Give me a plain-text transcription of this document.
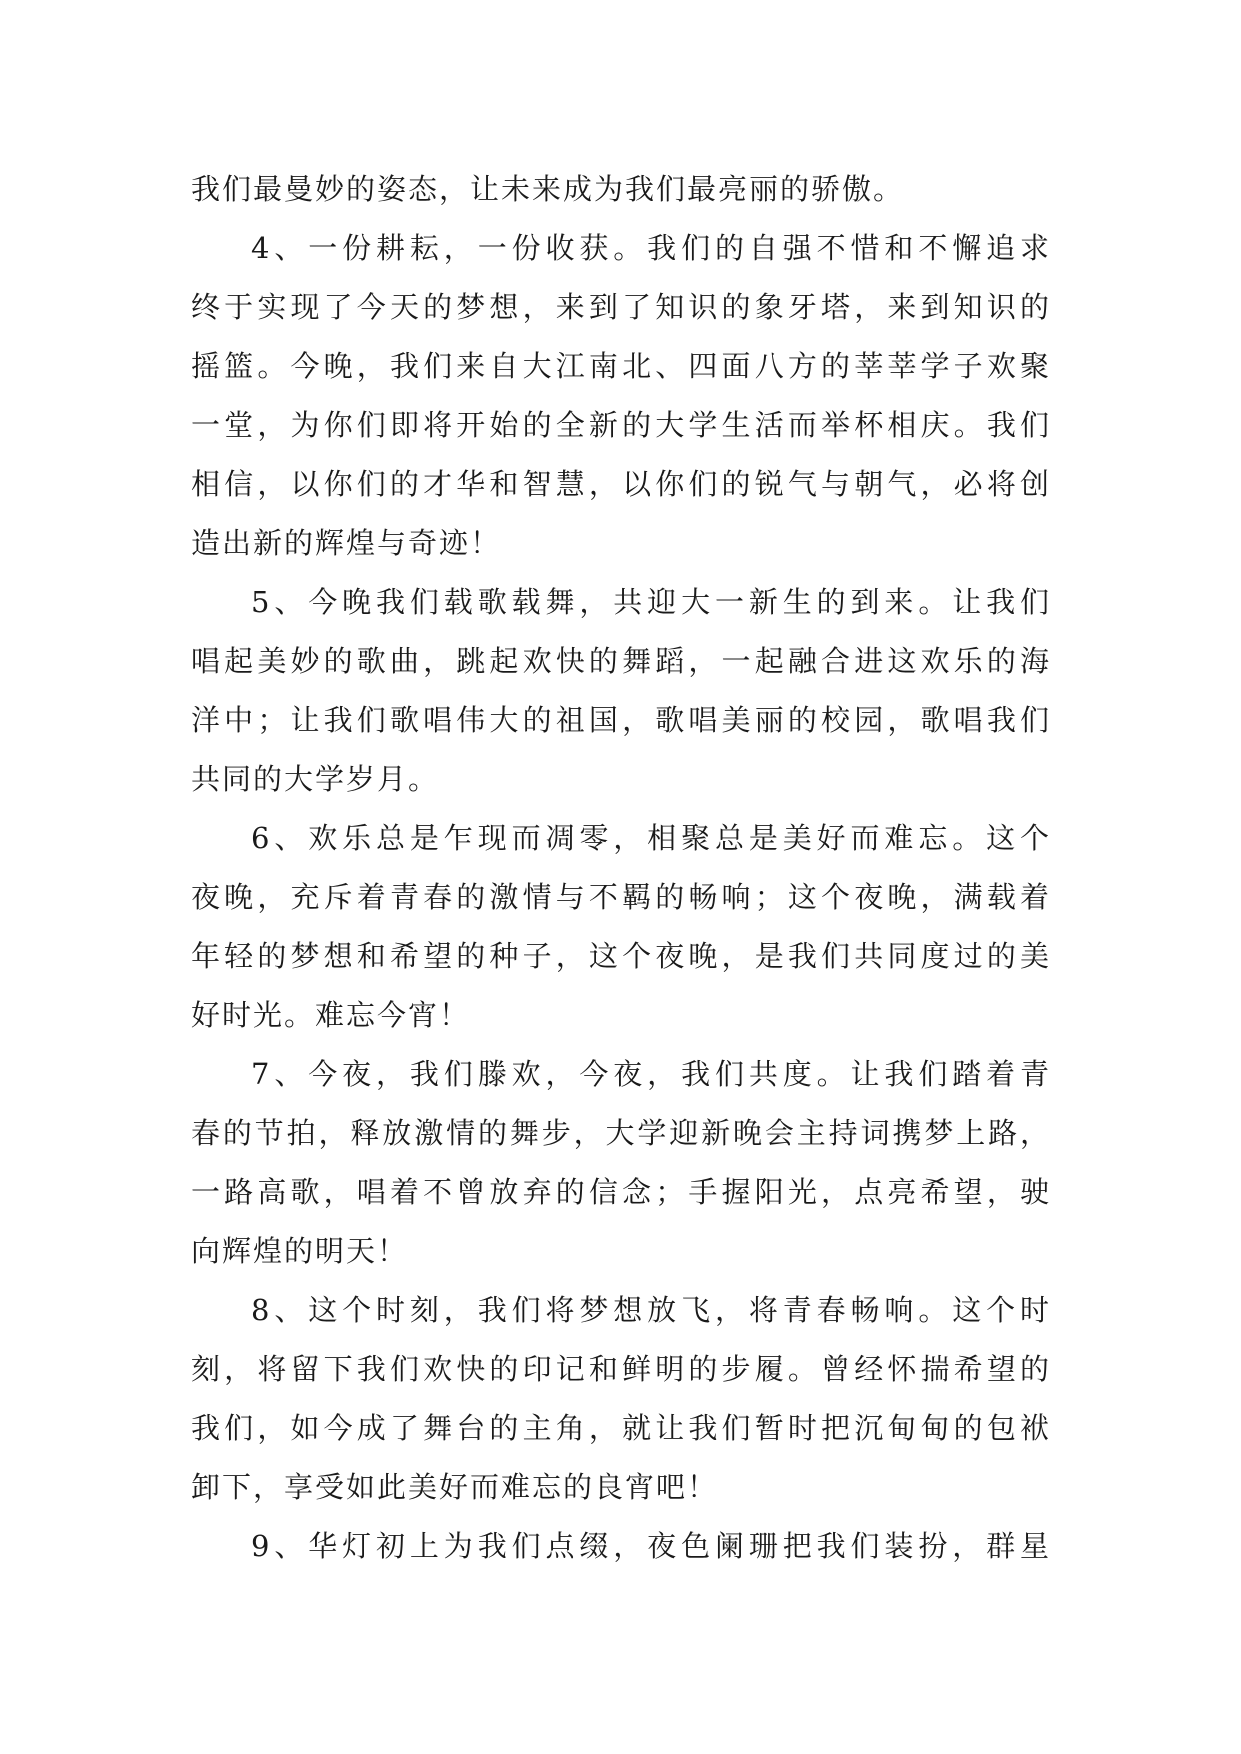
我们最曼妙的姿态，让未来成为我们最亮丽的骄傲。
4、一份耕耘，一份收获。我们的自强不惜和不懈追求
终于实现了今天的梦想，来到了知识的象牙塔，来到知识的
摇篮。今晚，我们来自大江南北、四面八方的莘莘学子欢聚
一堂，为你们即将开始的全新的大学生活而举杯相庆。我们
相信，以你们的才华和智慧，以你们的锐气与朝气，必将创
造出新的辉煌与奇迹！
5、今晚我们载歌载舞，共迎大一新生的到来。让我们
唱起美妙的歌曲，跳起欢快的舞蹈，一起融合进这欢乐的海
洋中；让我们歌唱伟大的祖国，歌唱美丽的校园，歌唱我们
共同的大学岁月。
6、欢乐总是乍现而凋零，相聚总是美好而难忘。这个
夜晚，充斥着青春的激情与不羁的畅响；这个夜晚，满载着
年轻的梦想和希望的种子，这个夜晚，是我们共同度过的美
好时光。难忘今宵！
7、今夜，我们滕欢，今夜，我们共度。让我们踏着青
春的节拍，释放激情的舞步，大学迎新晚会主持词携梦上路，
一路高歌，唱着不曾放弃的信念；手握阳光，点亮希望，驶
向辉煌的明天！
8、这个时刻，我们将梦想放飞，将青春畅响。这个时
刻，将留下我们欢快的印记和鲜明的步履。曾经怀揣希望的
我们，如今成了舞台的主角，就让我们暂时把沉甸甸的包袱
卸下，享受如此美好而难忘的良宵吧！
9、华灯初上为我们点缀，夜色阑珊把我们装扮，群星
